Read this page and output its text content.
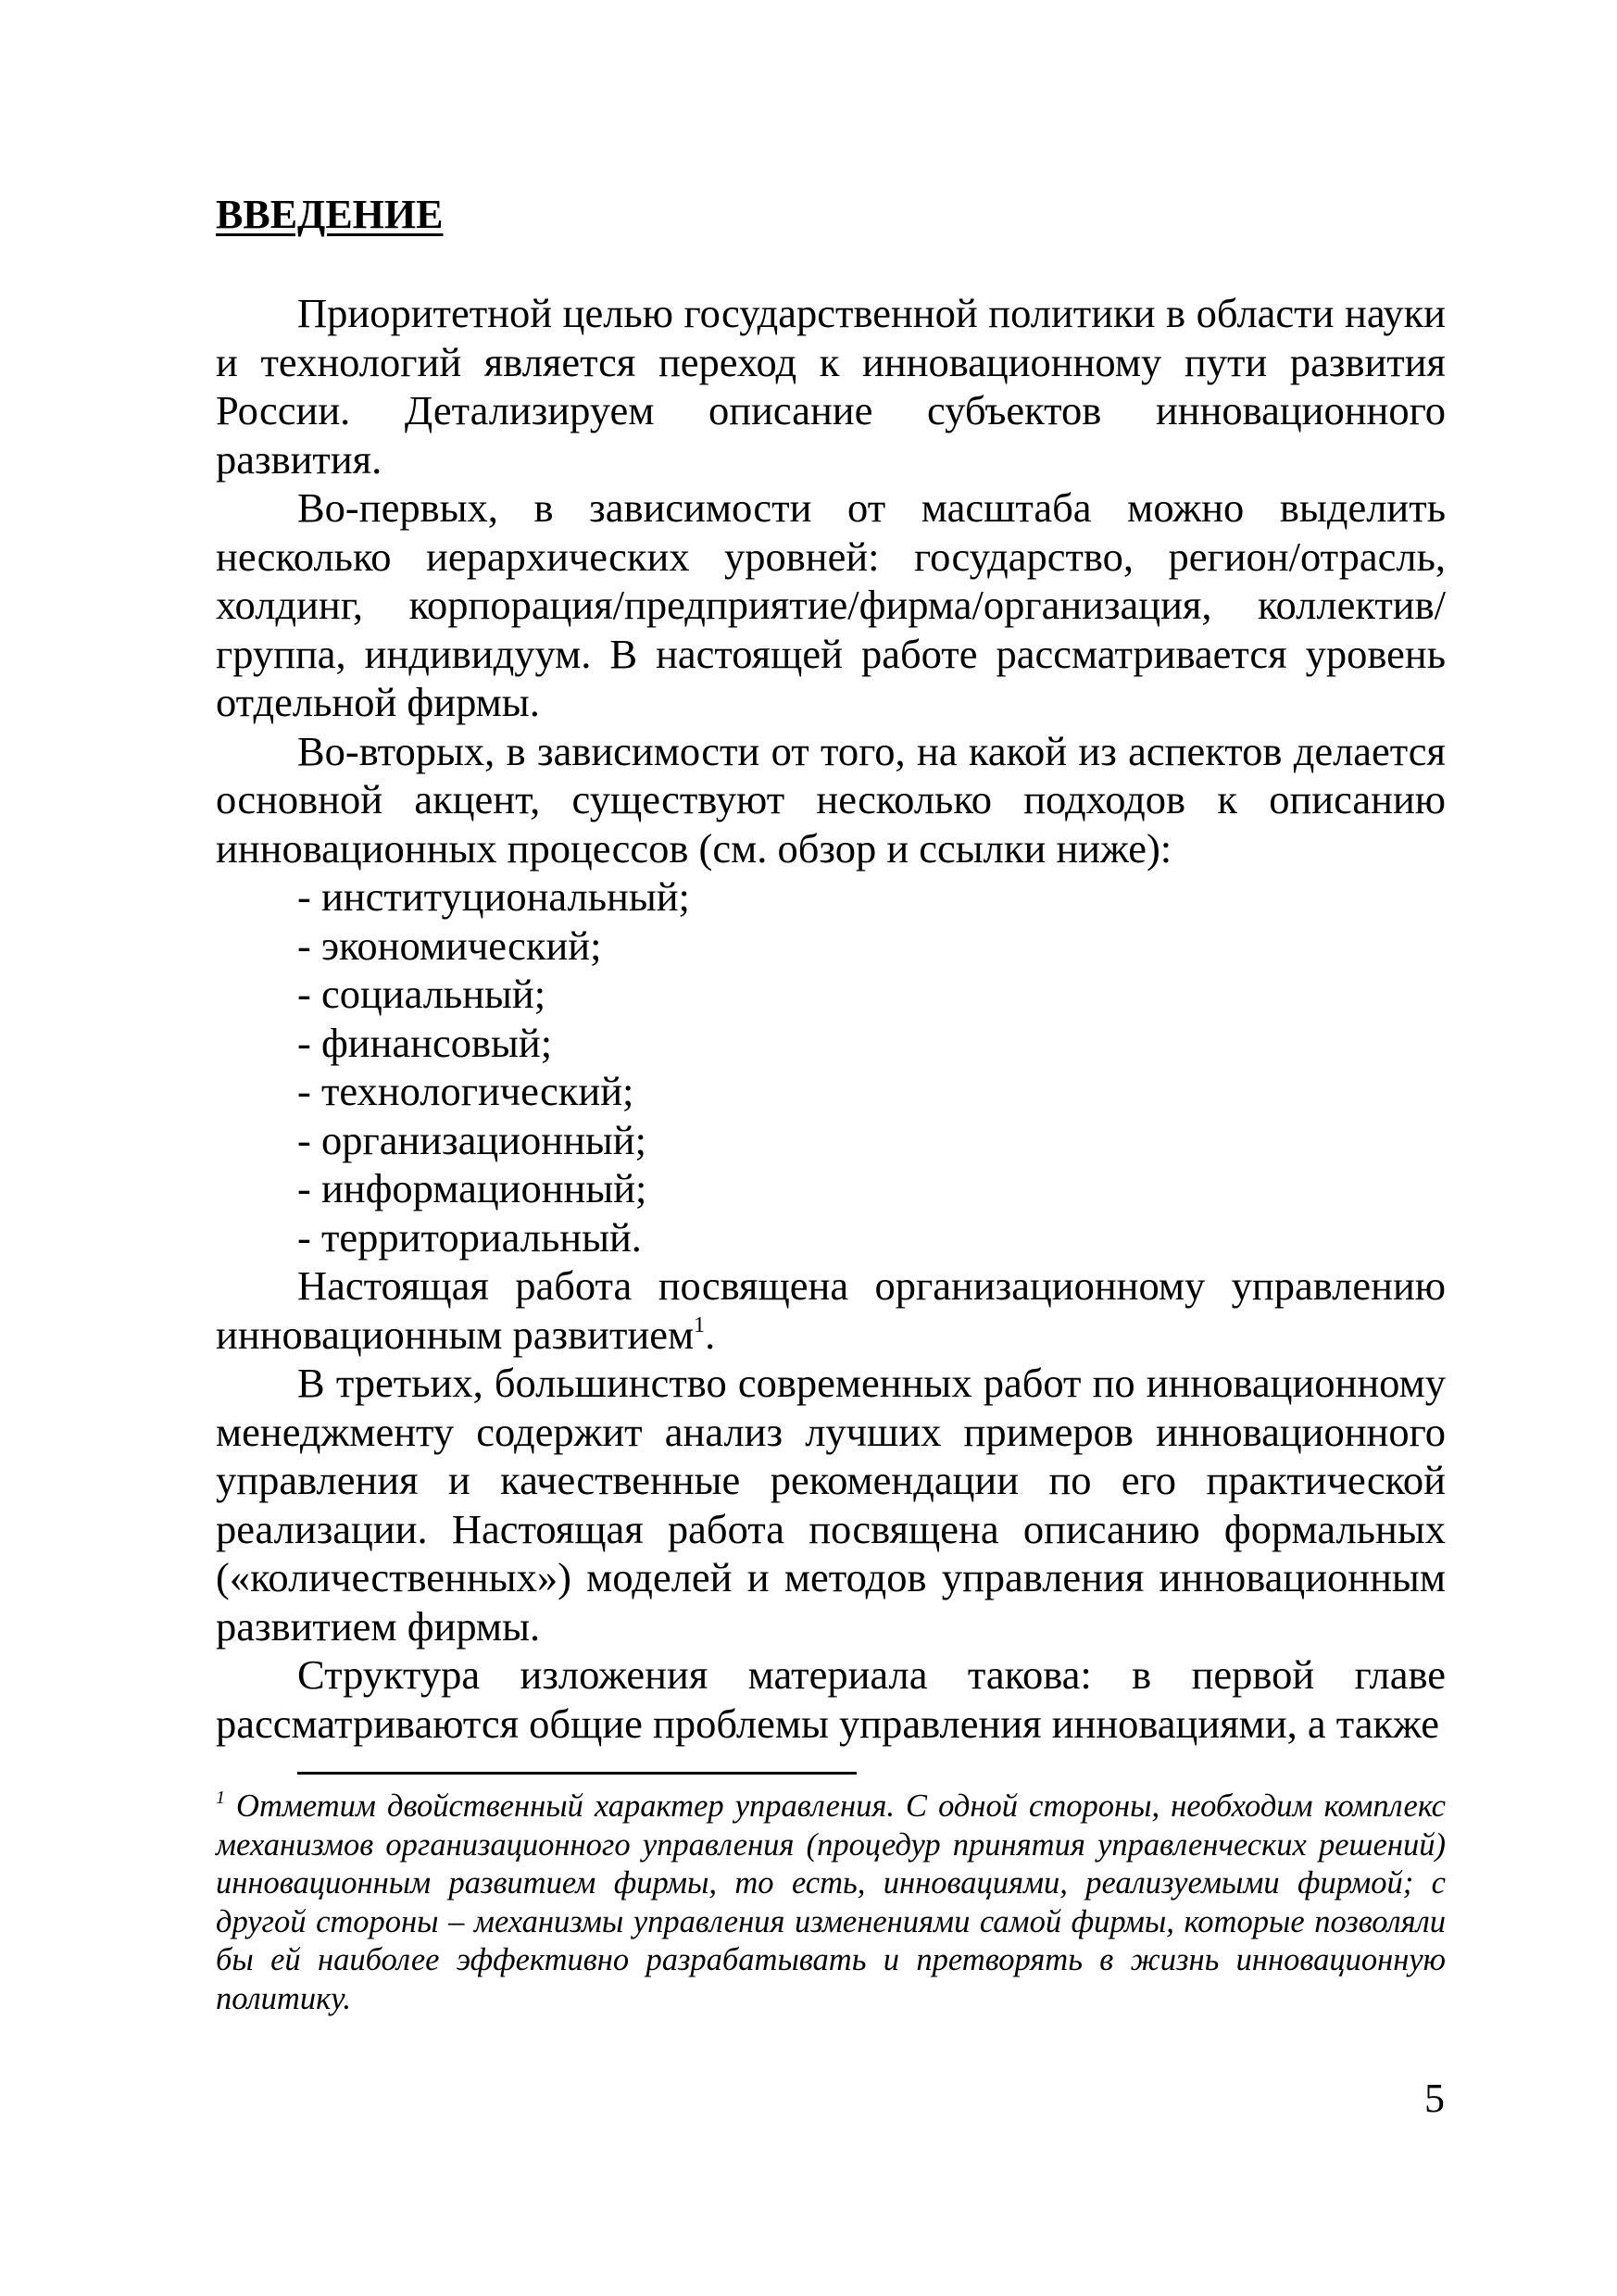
ВВЕДЕНИЕ

Приоритетной целью государственной политики в области науки и технологий является переход к инновационному пути развития России. Детализируем описание субъектов инновационного развития.

Во-первых, в зависимости от масштаба можно выделить несколько иерархических уровней: государство, регион/отрасль, холдинг, корпорация/предприятие/фирма/организация, коллектив/группа, индивидуум. В настоящей работе рассматривается уровень отдельной фирмы.

Во-вторых, в зависимости от того, на какой из аспектов делается основной акцент, существуют несколько подходов к описанию инновационных процессов (см. обзор и ссылки ниже):

- институциональный;
- экономический;
- социальный;
- финансовый;
- технологический;
- организационный;
- информационный;
- территориальный.

Настоящая работа посвящена организационному управлению инновационным развитием$^1$.

В третьих, большинство современных работ по инновационному менеджменту содержит анализ лучших примеров инновационного управления и качественные рекомендации по его практической реализации. Настоящая работа посвящена описанию формальных («количественных») моделей и методов управления инновационным развитием фирмы.

Структура изложения материала такова: в первой главе рассматриваются общие проблемы управления инновациями, а также

$^1$ Отметим двойственный характер управления. С одной стороны, необходим комплекс механизмов организационного управления (процедур принятия управленческих решений) инновационным развитием фирмы, то есть, инновациями, реализуемыми фирмой; с другой стороны – механизмы управления изменениями самой фирмы, которые позволяли бы ей наиболее эффективно разрабатывать и претворять в жизнь инновационную политику.

5
